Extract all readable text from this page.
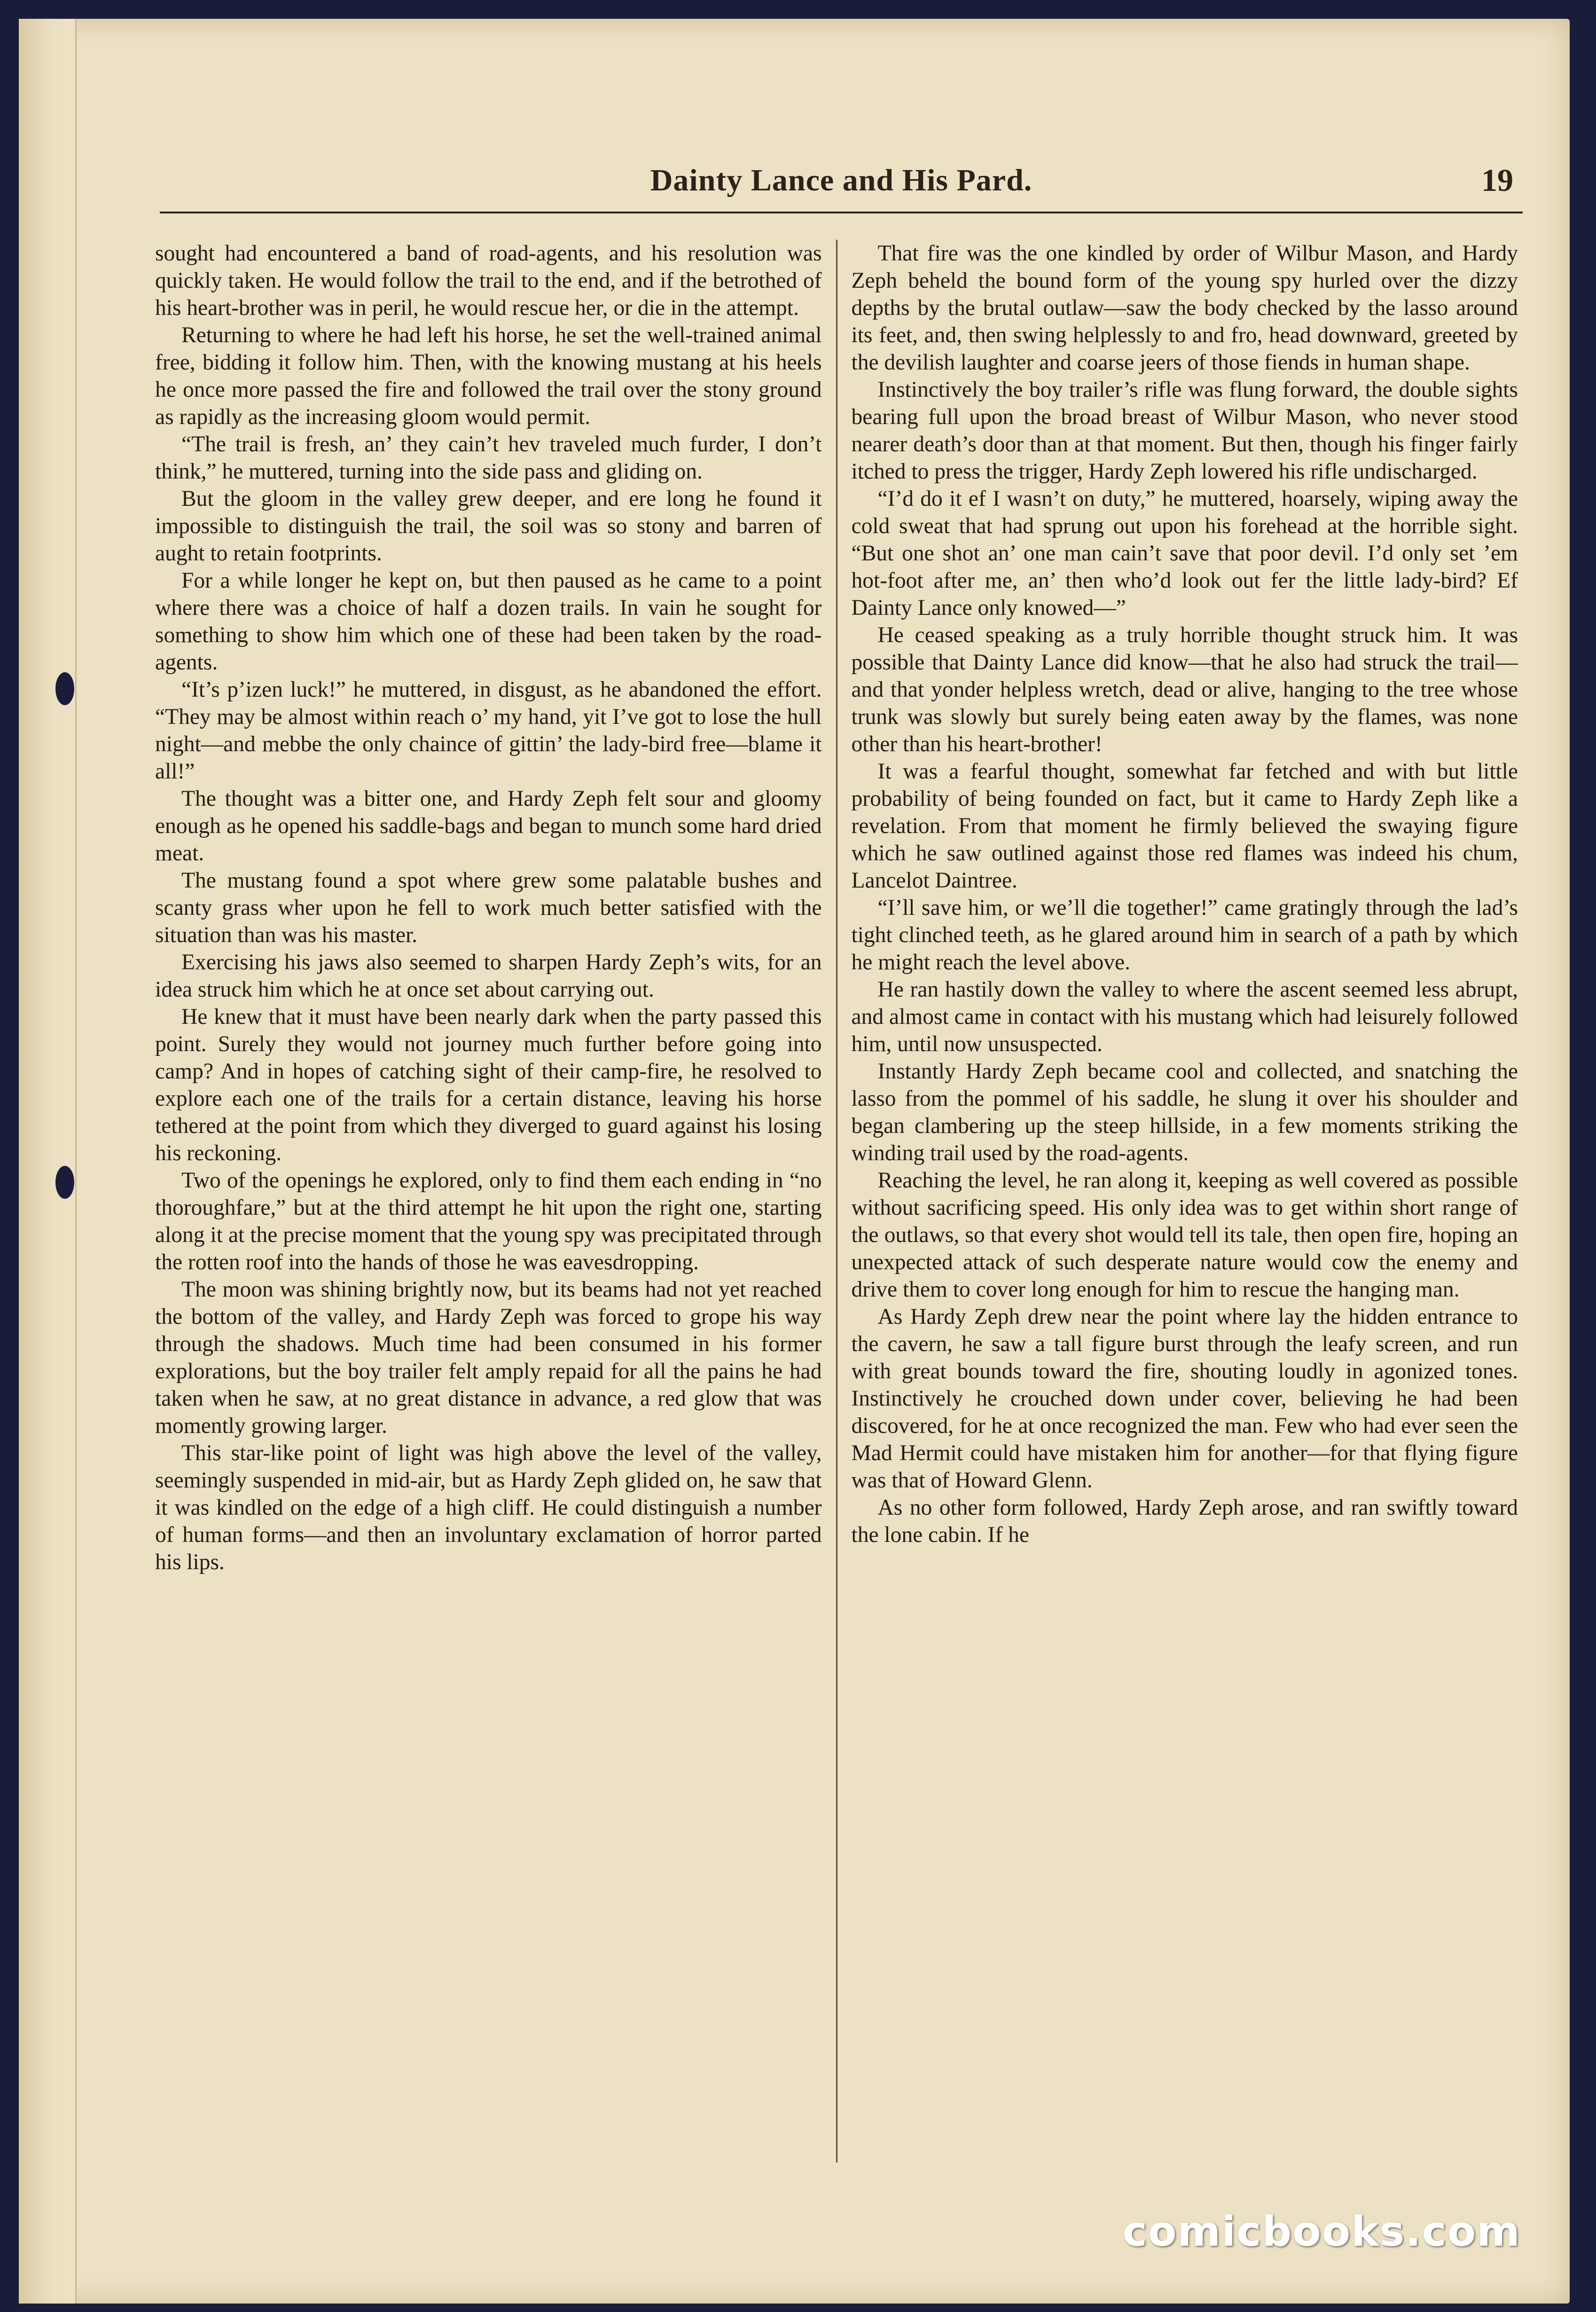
Dainty Lance and His Pard.	19

sought had encountered a band of road-agents, and his resolution was quickly taken. He would follow the trail to the end, and if the betrothed of his heart-brother was in peril, he would rescue her, or die in the attempt.

Returning to where he had left his horse, he set the well-trained animal free, bidding it follow him. Then, with the knowing mustang at his heels he once more passed the fire and followed the trail over the stony ground as rapidly as the increasing gloom would permit.

“The trail is fresh, an’ they cain’t hev traveled much furder, I don’t think,” he muttered, turning into the side pass and gliding on.

But the gloom in the valley grew deeper, and ere long he found it impossible to distinguish the trail, the soil was so stony and barren of aught to retain footprints.

For a while longer he kept on, but then paused as he came to a point where there was a choice of half a dozen trails. In vain he sought for something to show him which one of these had been taken by the road-agents.

“It’s p’izen luck!” he muttered, in disgust, as he abandoned the effort. “They may be almost within reach o’ my hand, yit I’ve got to lose the hull night—and mebbe the only chaince of gittin’ the lady-bird free—blame it all!”

The thought was a bitter one, and Hardy Zeph felt sour and gloomy enough as he opened his saddle-bags and began to munch some hard dried meat.

The mustang found a spot where grew some palatable bushes and scanty grass wher upon he fell to work much better satisfied with the situation than was his master.

Exercising his jaws also seemed to sharpen Hardy Zeph’s wits, for an idea struck him which he at once set about carrying out.

He knew that it must have been nearly dark when the party passed this point. Surely they would not journey much further before going into camp? And in hopes of catching sight of their camp-fire, he resolved to explore each one of the trails for a certain distance, leaving his horse tethered at the point from which they diverged to guard against his losing his reckoning.

Two of the openings he explored, only to find them each ending in “no thoroughfare,” but at the third attempt he hit upon the right one, starting along it at the precise moment that the young spy was precipitated through the rotten roof into the hands of those he was eavesdropping.

The moon was shining brightly now, but its beams had not yet reached the bottom of the valley, and Hardy Zeph was forced to grope his way through the shadows. Much time had been consumed in his former explorations, but the boy trailer felt amply repaid for all the pains he had taken when he saw, at no great distance in advance, a red glow that was momently growing larger.

This star-like point of light was high above the level of the valley, seemingly suspended in mid-air, but as Hardy Zeph glided on, he saw that it was kindled on the edge of a high cliff. He could distinguish a number of human forms—and then an involuntary exclamation of horror parted his lips.

That fire was the one kindled by order of Wilbur Mason, and Hardy Zeph beheld the bound form of the young spy hurled over the dizzy depths by the brutal outlaw—saw the body checked by the lasso around its feet, and, then swing helplessly to and fro, head downward, greeted by the devilish laughter and coarse jeers of those fiends in human shape.

Instinctively the boy trailer’s rifle was flung forward, the double sights bearing full upon the broad breast of Wilbur Mason, who never stood nearer death’s door than at that moment. But then, though his finger fairly itched to press the trigger, Hardy Zeph lowered his rifle undischarged.

“I’d do it ef I wasn’t on duty,” he muttered, hoarsely, wiping away the cold sweat that had sprung out upon his forehead at the horrible sight. “But one shot an’ one man cain’t save that poor devil. I’d only set ’em hot-foot after me, an’ then who’d look out fer the little lady-bird? Ef Dainty Lance only knowed—”

He ceased speaking as a truly horrible thought struck him. It was possible that Dainty Lance did know—that he also had struck the trail—and that yonder helpless wretch, dead or alive, hanging to the tree whose trunk was slowly but surely being eaten away by the flames, was none other than his heart-brother!

It was a fearful thought, somewhat far fetched and with but little probability of being founded on fact, but it came to Hardy Zeph like a revelation. From that moment he firmly believed the swaying figure which he saw outlined against those red flames was indeed his chum, Lancelot Daintree.

“I’ll save him, or we’ll die together!” came gratingly through the lad’s tight clinched teeth, as he glared around him in search of a path by which he might reach the level above.

He ran hastily down the valley to where the ascent seemed less abrupt, and almost came in contact with his mustang which had leisurely followed him, until now unsuspected.

Instantly Hardy Zeph became cool and collected, and snatching the lasso from the pommel of his saddle, he slung it over his shoulder and began clambering up the steep hillside, in a few moments striking the winding trail used by the road-agents.

Reaching the level, he ran along it, keeping as well covered as possible without sacrificing speed. His only idea was to get within short range of the outlaws, so that every shot would tell its tale, then open fire, hoping an unexpected attack of such desperate nature would cow the enemy and drive them to cover long enough for him to rescue the hanging man.

As Hardy Zeph drew near the point where lay the hidden entrance to the cavern, he saw a tall figure burst through the leafy screen, and run with great bounds toward the fire, shouting loudly in agonized tones. Instinctively he crouched down under cover, believing he had been discovered, for he at once recognized the man. Few who had ever seen the Mad Hermit could have mistaken him for another—for that flying figure was that of Howard Glenn.

As no other form followed, Hardy Zeph arose, and ran swiftly toward the lone cabin. If he

comicbooks.com
